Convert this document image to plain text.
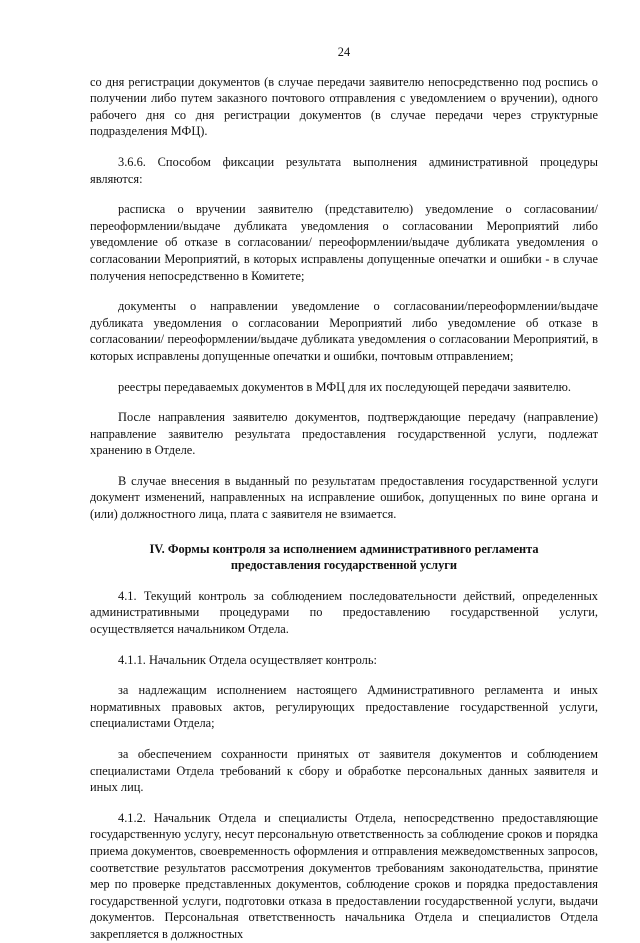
24

со дня регистрации документов (в случае передачи заявителю непосредственно под роспись о получении либо путем заказного почтового отправления с уведомлением о вручении), одного рабочего дня со дня регистрации документов (в случае передачи через структурные подразделения МФЦ).

3.6.6. Способом фиксации результата выполнения административной процедуры являются:

расписка о вручении заявителю (представителю) уведомление о согласовании/переоформлении/выдаче дубликата уведомления о согласовании Мероприятий либо уведомление об отказе в согласовании/ переоформлении/выдаче дубликата уведомления о согласовании Мероприятий, в которых исправлены допущенные опечатки и ошибки - в случае получения непосредственно в Комитете;

документы о направлении уведомление о согласовании/переоформлении/выдаче дубликата уведомления о согласовании Мероприятий либо уведомление об отказе в согласовании/ переоформлении/выдаче дубликата уведомления о согласовании Мероприятий, в которых исправлены допущенные опечатки и ошибки, почтовым отправлением;

реестры передаваемых документов в МФЦ для их последующей передачи заявителю.

После направления заявителю документов, подтверждающие передачу (направление) направление заявителю результата предоставления государственной услуги, подлежат хранению в Отделе.

В случае внесения в выданный по результатам предоставления государственной услуги документ изменений, направленных на исправление ошибок, допущенных по вине органа и (или) должностного лица, плата с заявителя не взимается.

IV. Формы контроля за исполнением административного регламента
предоставления государственной услуги

4.1. Текущий контроль за соблюдением последовательности действий, определенных административными процедурами по предоставлению государственной услуги, осуществляется начальником Отдела.

4.1.1. Начальник Отдела осуществляет контроль:

за надлежащим исполнением настоящего Административного регламента и иных нормативных правовых актов, регулирующих предоставление государственной услуги, специалистами Отдела;

за обеспечением сохранности принятых от заявителя документов и соблюдением специалистами Отдела требований к сбору и обработке персональных данных заявителя и иных лиц.

4.1.2. Начальник Отдела и специалисты Отдела, непосредственно предоставляющие государственную услугу, несут персональную ответственность за соблюдение сроков и порядка приема документов, своевременность оформления и отправления межведомственных запросов, соответствие результатов рассмотрения документов требованиям законодательства, принятие мер по проверке представленных документов, соблюдение сроков и порядка предоставления государственной услуги, подготовки отказа в предоставлении государственной услуги, выдачи документов. Персональная ответственность начальника Отдела и специалистов Отдела закрепляется в должностных
